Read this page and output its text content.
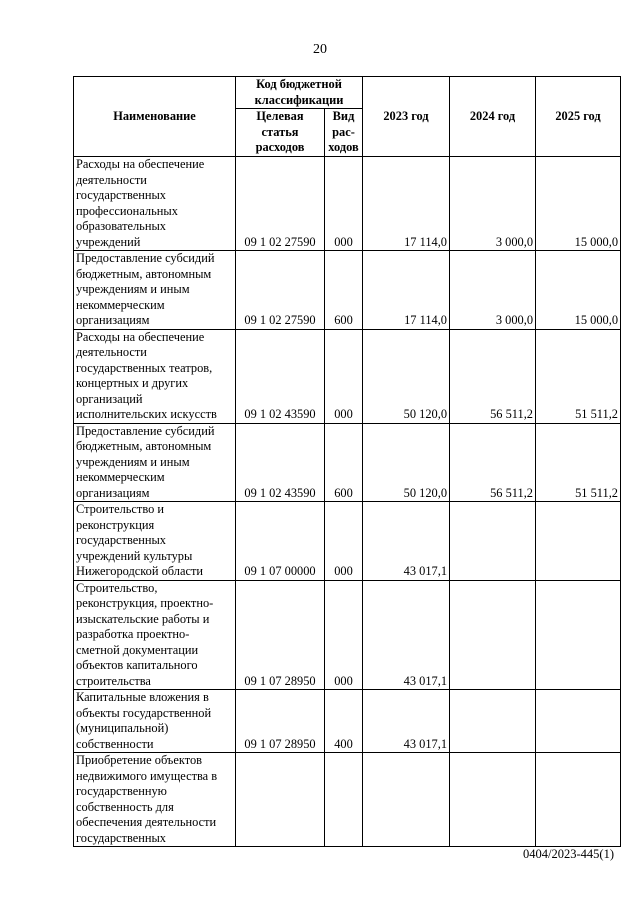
20
Наименование	Код бюджетной классификации		2023 год	2024 год	2025 год
	Целевая статья расходов	Вид рас-ходов			
Расходы на обеспечение деятельности государственных профессиональных образовательных учреждений	09 1 02 27590	000	17 114,0	3 000,0	15 000,0
Предоставление субсидий бюджетным, автономным учреждениям и иным некоммерческим организациям	09 1 02 27590	600	17 114,0	3 000,0	15 000,0
Расходы на обеспечение деятельности государственных театров, концертных и других организаций исполнительских искусств	09 1 02 43590	000	50 120,0	56 511,2	51 511,2
Предоставление субсидий бюджетным, автономным учреждениям и иным некоммерческим организациям	09 1 02 43590	600	50 120,0	56 511,2	51 511,2
Строительство и реконструкция государственных учреждений культуры Нижегородской области	09 1 07 00000	000	43 017,1		
Строительство, реконструкция, проектно-изыскательские работы и разработка проектно-сметной документации объектов капитального строительства	09 1 07 28950	000	43 017,1		
Капитальные вложения в объекты государственной (муниципальной) собственности	09 1 07 28950	400	43 017,1		
Приобретение объектов недвижимого имущества в государственную собственность для обеспечения деятельности государственных					
0404/2023-445(1)
